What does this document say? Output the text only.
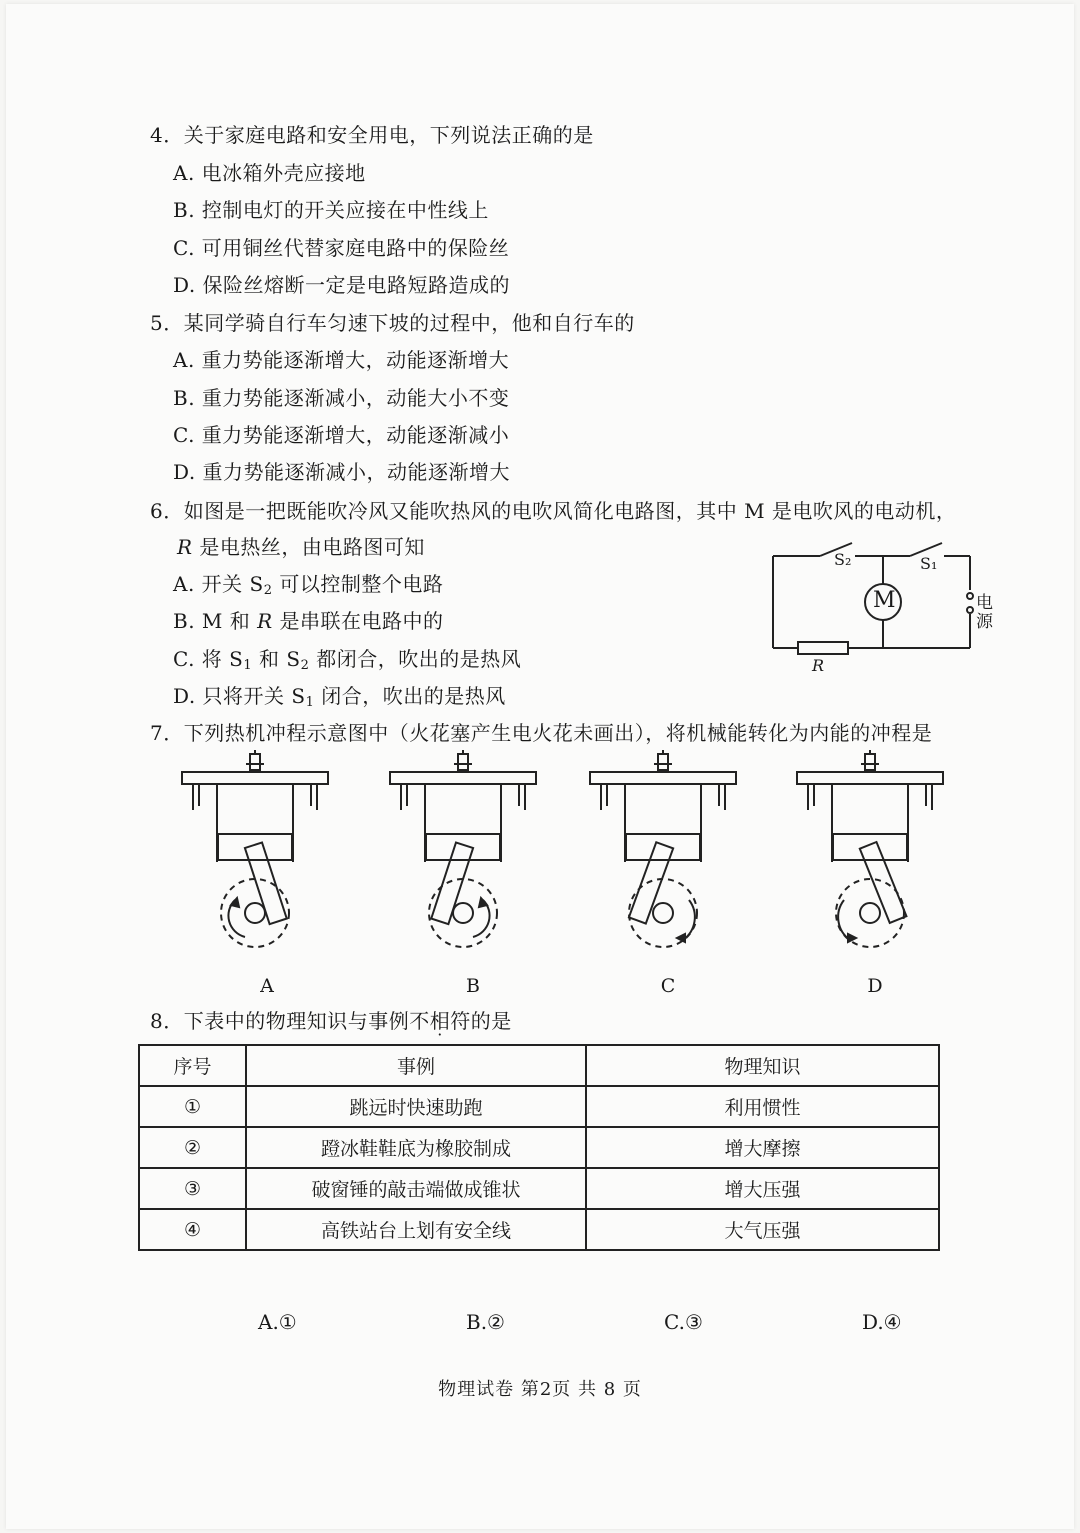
4．关于家庭电路和安全用电，下列说法正确的是
A. 电冰箱外壳应接地
B. 控制电灯的开关应接在中性线上
C. 可用铜丝代替家庭电路中的保险丝
D. 保险丝熔断一定是电路短路造成的
5．某同学骑自行车匀速下坡的过程中，他和自行车的
A. 重力势能逐渐增大，动能逐渐增大
B. 重力势能逐渐减小，动能大小不变
C. 重力势能逐渐增大，动能逐渐减小
D. 重力势能逐渐减小，动能逐渐增大
6．如图是一把既能吹冷风又能吹热风的电吹风简化电路图，其中 M 是电吹风的电动机，
R 是电热丝，由电路图可知
A. 开关 $S_2$ 可以控制整个电路
B. M 和 R 是串联在电路中的
C. 将 $S_1$ 和 $S_2$ 都闭合，吹出的是热风
D. 只将开关 $S_1$ 闭合，吹出的是热风
S₂	S₁
M
R
电
源
7．下列热机冲程示意图中（火花塞产生电火花未画出），将机械能转化为内能的冲程是
A	B	C	D
8．下表中的物理知识与事例不相符的是
序号	事例	物理知识
①	跳远时快速助跑	利用惯性
②	蹬冰鞋鞋底为橡胶制成	增大摩擦
③	破窗锤的敲击端做成锥状	增大压强
④	高铁站台上划有安全线	大气压强
A.①	B.②	C.③	D.④
物理试卷 第2页 共 8 页
